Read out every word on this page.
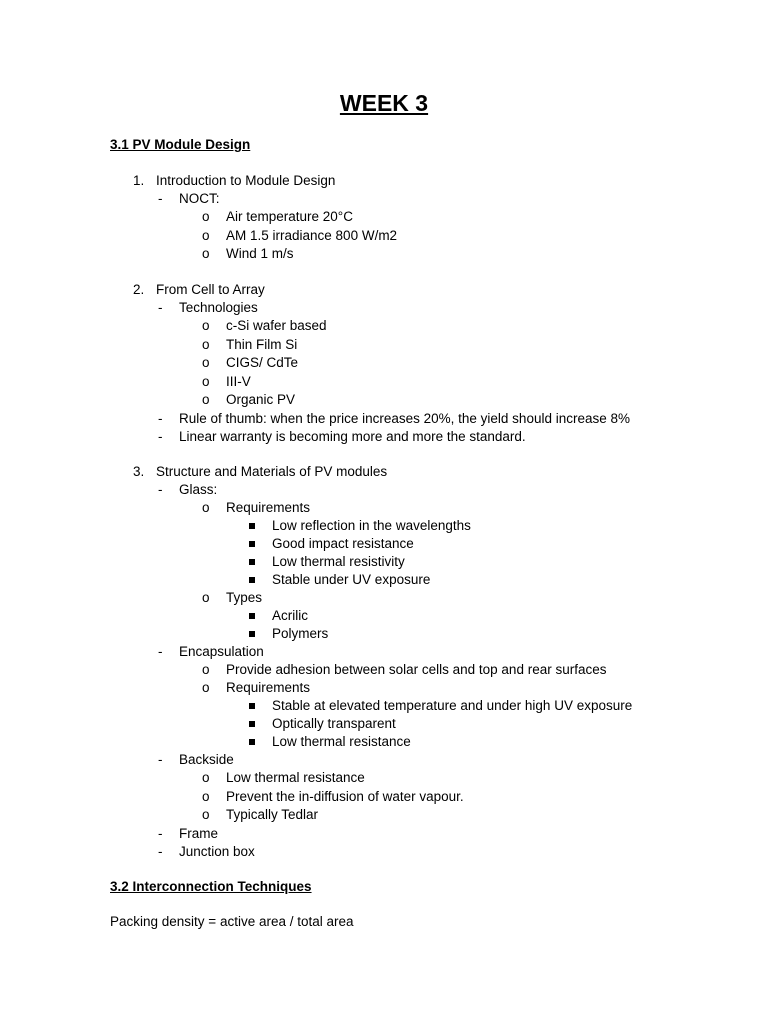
WEEK 3
3.1 PV Module Design
1. Introduction to Module Design
- NOCT:
o Air temperature 20°C
o AM 1.5 irradiance 800 W/m2
o Wind 1 m/s
2. From Cell to Array
- Technologies
o c-Si wafer based
o Thin Film Si
o CIGS/ CdTe
o III-V
o Organic PV
- Rule of thumb: when the price increases 20%, the yield should increase 8%
- Linear warranty is becoming more and more the standard.
3. Structure and Materials of PV modules
- Glass:
o Requirements
Low reflection in the wavelengths
Good impact resistance
Low thermal resistivity
Stable under UV exposure
o Types
Acrilic
Polymers
- Encapsulation
o Provide adhesion between solar cells and top and rear surfaces
o Requirements
Stable at elevated temperature and under high UV exposure
Optically transparent
Low thermal resistance
- Backside
o Low thermal resistance
o Prevent the in-diffusion of water vapour.
o Typically Tedlar
- Frame
- Junction box
3.2 Interconnection Techniques
Packing density = active area / total area
